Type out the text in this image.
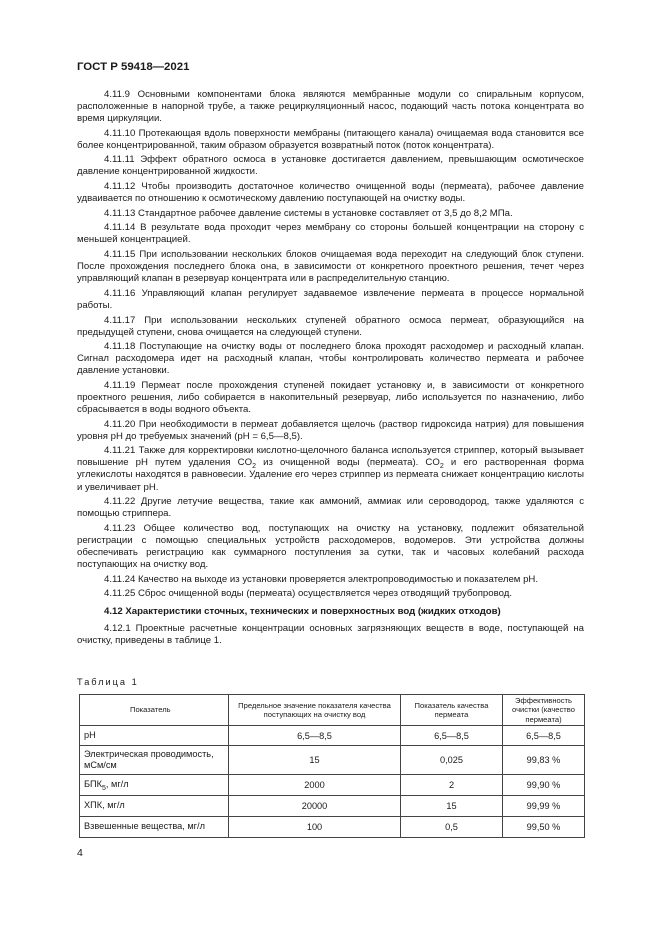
ГОСТ Р 59418—2021

4.11.9 Основными компонентами блока являются мембранные модули со спиральным корпусом, расположенные в напорной трубе, а также рециркуляционный насос, подающий часть потока концентрата во время циркуляции.

4.11.10 Протекающая вдоль поверхности мембраны (питающего канала) очищаемая вода становится все более концентрированной, таким образом образуется возвратный поток (поток концентрата).

4.11.11 Эффект обратного осмоса в установке достигается давлением, превышающим осмотическое давление концентрированной жидкости.

4.11.12 Чтобы производить достаточное количество очищенной воды (пермеата), рабочее давление удваивается по отношению к осмотическому давлению поступающей на очистку воды.

4.11.13 Стандартное рабочее давление системы в установке составляет от 3,5 до 8,2 МПа.

4.11.14 В результате вода проходит через мембрану со стороны большей концентрации на сторону с меньшей концентрацией.

4.11.15 При использовании нескольких блоков очищаемая вода переходит на следующий блок ступени. После прохождения последнего блока она, в зависимости от конкретного проектного решения, течет через управляющий клапан в резервуар концентрата или в распределительную станцию.

4.11.16 Управляющий клапан регулирует задаваемое извлечение пермеата в процессе нормальной работы.

4.11.17 При использовании нескольких ступеней обратного осмоса пермеат, образующийся на предыдущей ступени, снова очищается на следующей ступени.

4.11.18 Поступающие на очистку воды от последнего блока проходят расходомер и расходный клапан. Сигнал расходомера идет на расходный клапан, чтобы контролировать количество пермеата и рабочее давление установки.

4.11.19 Пермеат после прохождения ступеней покидает установку и, в зависимости от конкретного проектного решения, либо собирается в накопительный резервуар, либо используется по назначению, либо сбрасывается в воды водного объекта.

4.11.20 При необходимости в пермеат добавляется щелочь (раствор гидроксида натрия) для повышения уровня pH до требуемых значений (pH = 6,5—8,5).

4.11.21 Также для корректировки кислотно-щелочного баланса используется стриппер, который вызывает повышение pH путем удаления $CO_2$ из очищенной воды (пермеата). $CO_2$ и его растворенная форма углекислоты находятся в равновесии. Удаление его через стриппер из пермеата снижает концентрацию кислоты и увеличивает pH.

4.11.22 Другие летучие вещества, такие как аммоний, аммиак или сероводород, также удаляются с помощью стриппера.

4.11.23 Общее количество вод, поступающих на очистку на установку, подлежит обязательной регистрации с помощью специальных устройств расходомеров, водомеров. Эти устройства должны обеспечивать регистрацию как суммарного поступления за сутки, так и часовых колебаний расхода поступающих на очистку вод.

4.11.24 Качество на выходе из установки проверяется электропроводимостью и показателем pH.

4.11.25 Сброс очищенной воды (пермеата) осуществляется через отводящий трубопровод.

4.12 Характеристики сточных, технических и поверхностных вод (жидких отходов)

4.12.1 Проектные расчетные концентрации основных загрязняющих веществ в воде, поступающей на очистку, приведены в таблице 1.

Таблица 1
Показатель	Предельное значение показателя качества поступающих на очистку вод	Показатель качества пермеата	Эффективность очистки (качество пермеата)
pH	6,5—8,5	6,5—8,5	6,5—8,5
Электрическая проводимость, мСм/см	15	0,025	99,83 %
$БПК_5$, мг/л	2000	2	99,90 %
ХПК, мг/л	20000	15	99,99 %
Взвешенные вещества, мг/л	100	0,5	99,50 %
4
